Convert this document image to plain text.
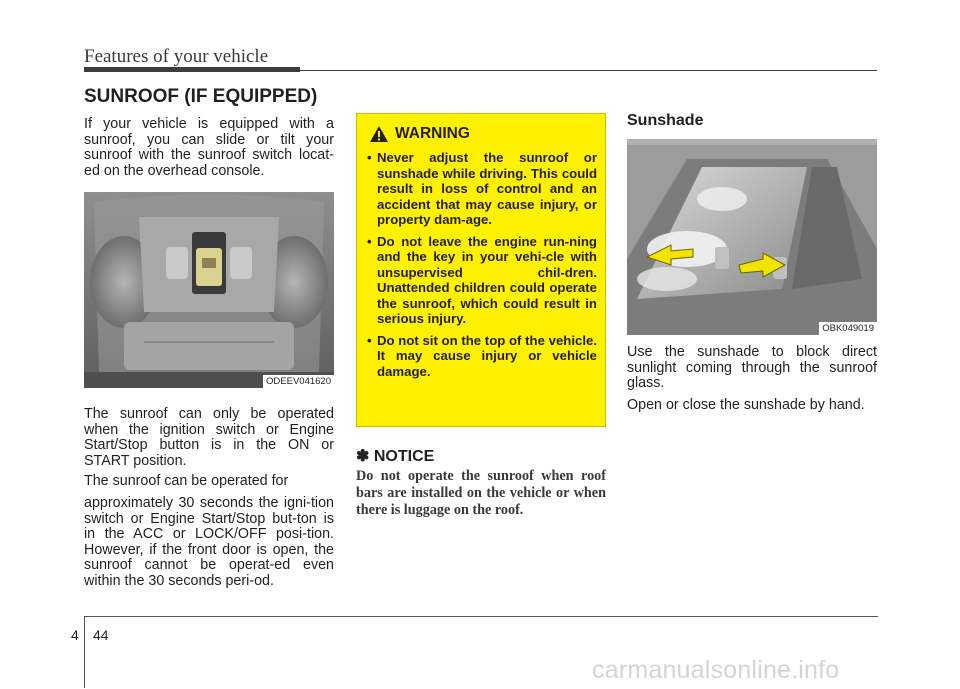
Features of your vehicle
SUNROOF (IF EQUIPPED)

If your vehicle is equipped with a sunroof, you can slide or tilt your sunroof with the sunroof switch locat-ed on the overhead console.

ODEEV041620

The sunroof can only be operated when the ignition switch or Engine Start/Stop button is in the ON or START position.

The sunroof can be operated for

approximately 30 seconds the igni-tion switch or Engine Start/Stop but-ton is in the ACC or LOCK/OFF posi-tion. However, if the front door is open, the sunroof cannot be operat-ed even within the 30 seconds peri-od.

WARNING
• Never adjust the sunroof or sunshade while driving. This could result in loss of control and an accident that may cause injury, or property dam-age.
• Do not leave the engine run-ning and the key in your vehi-cle with unsupervised chil-dren. Unattended children could operate the sunroof, which could result in serious injury.
• Do not sit on the top of the vehicle. It may cause injury or vehicle damage.
✽ NOTICE

Do not operate the sunroof when roof bars are installed on the vehicle or when there is luggage on the roof.

Sunshade
OBK049019

Use the sunshade to block direct sunlight coming through the sunroof glass.

Open or close the sunshade by hand.

4 44
carmanualsonline.info
